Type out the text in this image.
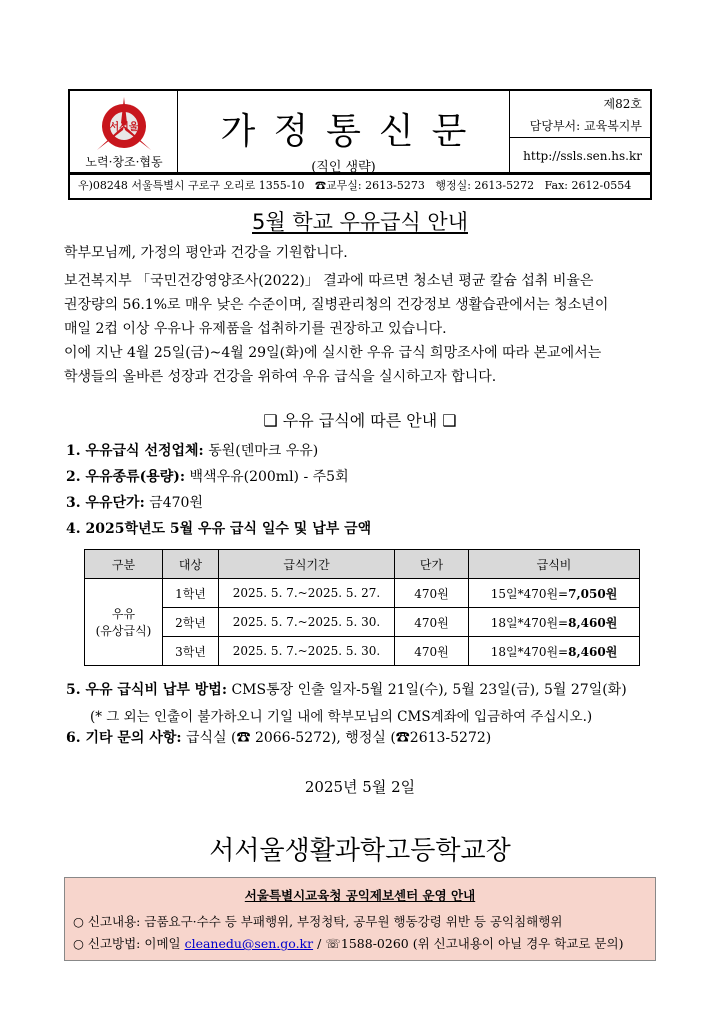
서서울
노력·창조·협동
가정통신문
(직인 생략)
제82호
담당부서: 교육복지부
http://ssls.sen.hs.kr
우)08248 서울특별시 구로구 오리로 1355-10 ☎교무실: 2613-5273 행정실: 2613-5272 Fax: 2612-0554
5월 학교 우유급식 안내
학부모님께, 가정의 평안과 건강을 기원합니다.
보건복지부 「국민건강영양조사(2022)」 결과에 따르면 청소년 평균 칼슘 섭취 비율은
권장량의 56.1%로 매우 낮은 수준이며, 질병관리청의 건강정보 생활습관에서는 청소년이
매일 2컵 이상 우유나 유제품을 섭취하기를 권장하고 있습니다.
이에 지난 4월 25일(금)~4월 29일(화)에 실시한 우유 급식 희망조사에 따라 본교에서는
학생들의 올바른 성장과 건강을 위하여 우유 급식을 실시하고자 합니다.
❑ 우유 급식에 따른 안내 ❑
1. 우유급식 선정업체: 동원(덴마크 우유)
2. 우유종류(용량): 백색우유(200ml) - 주5회
3. 우유단가: 금470원
4. 2025학년도 5월 우유 급식 일수 및 납부 금액
구분	대상	급식기간	단가	급식비
우유
(유상급식)	1학년	2025. 5. 7.~2025. 5. 27.	470원	15일*470원=7,050원
	2학년	2025. 5. 7.~2025. 5. 30.	470원	18일*470원=8,460원
	3학년	2025. 5. 7.~2025. 5. 30.	470원	18일*470원=8,460원
5. 우유 급식비 납부 방법: CMS통장 인출 일자-5월 21일(수), 5월 23일(금), 5월 27일(화)
(* 그 외는 인출이 불가하오니 기일 내에 학부모님의 CMS계좌에 입금하여 주십시오.)
6. 기타 문의 사항: 급식실 (☎ 2066-5272), 행정실 (☎2613-5272)
2025년 5월 2일
서서울생활과학고등학교장
서울특별시교육청 공익제보센터 운영 안내
○ 신고내용: 금품요구·수수 등 부패행위, 부정청탁, 공무원 행동강령 위반 등 공익침해행위
○ 신고방법: 이메일 cleanedu@sen.go.kr / ☏1588-0260 (위 신고내용이 아닐 경우 학교로 문의)
